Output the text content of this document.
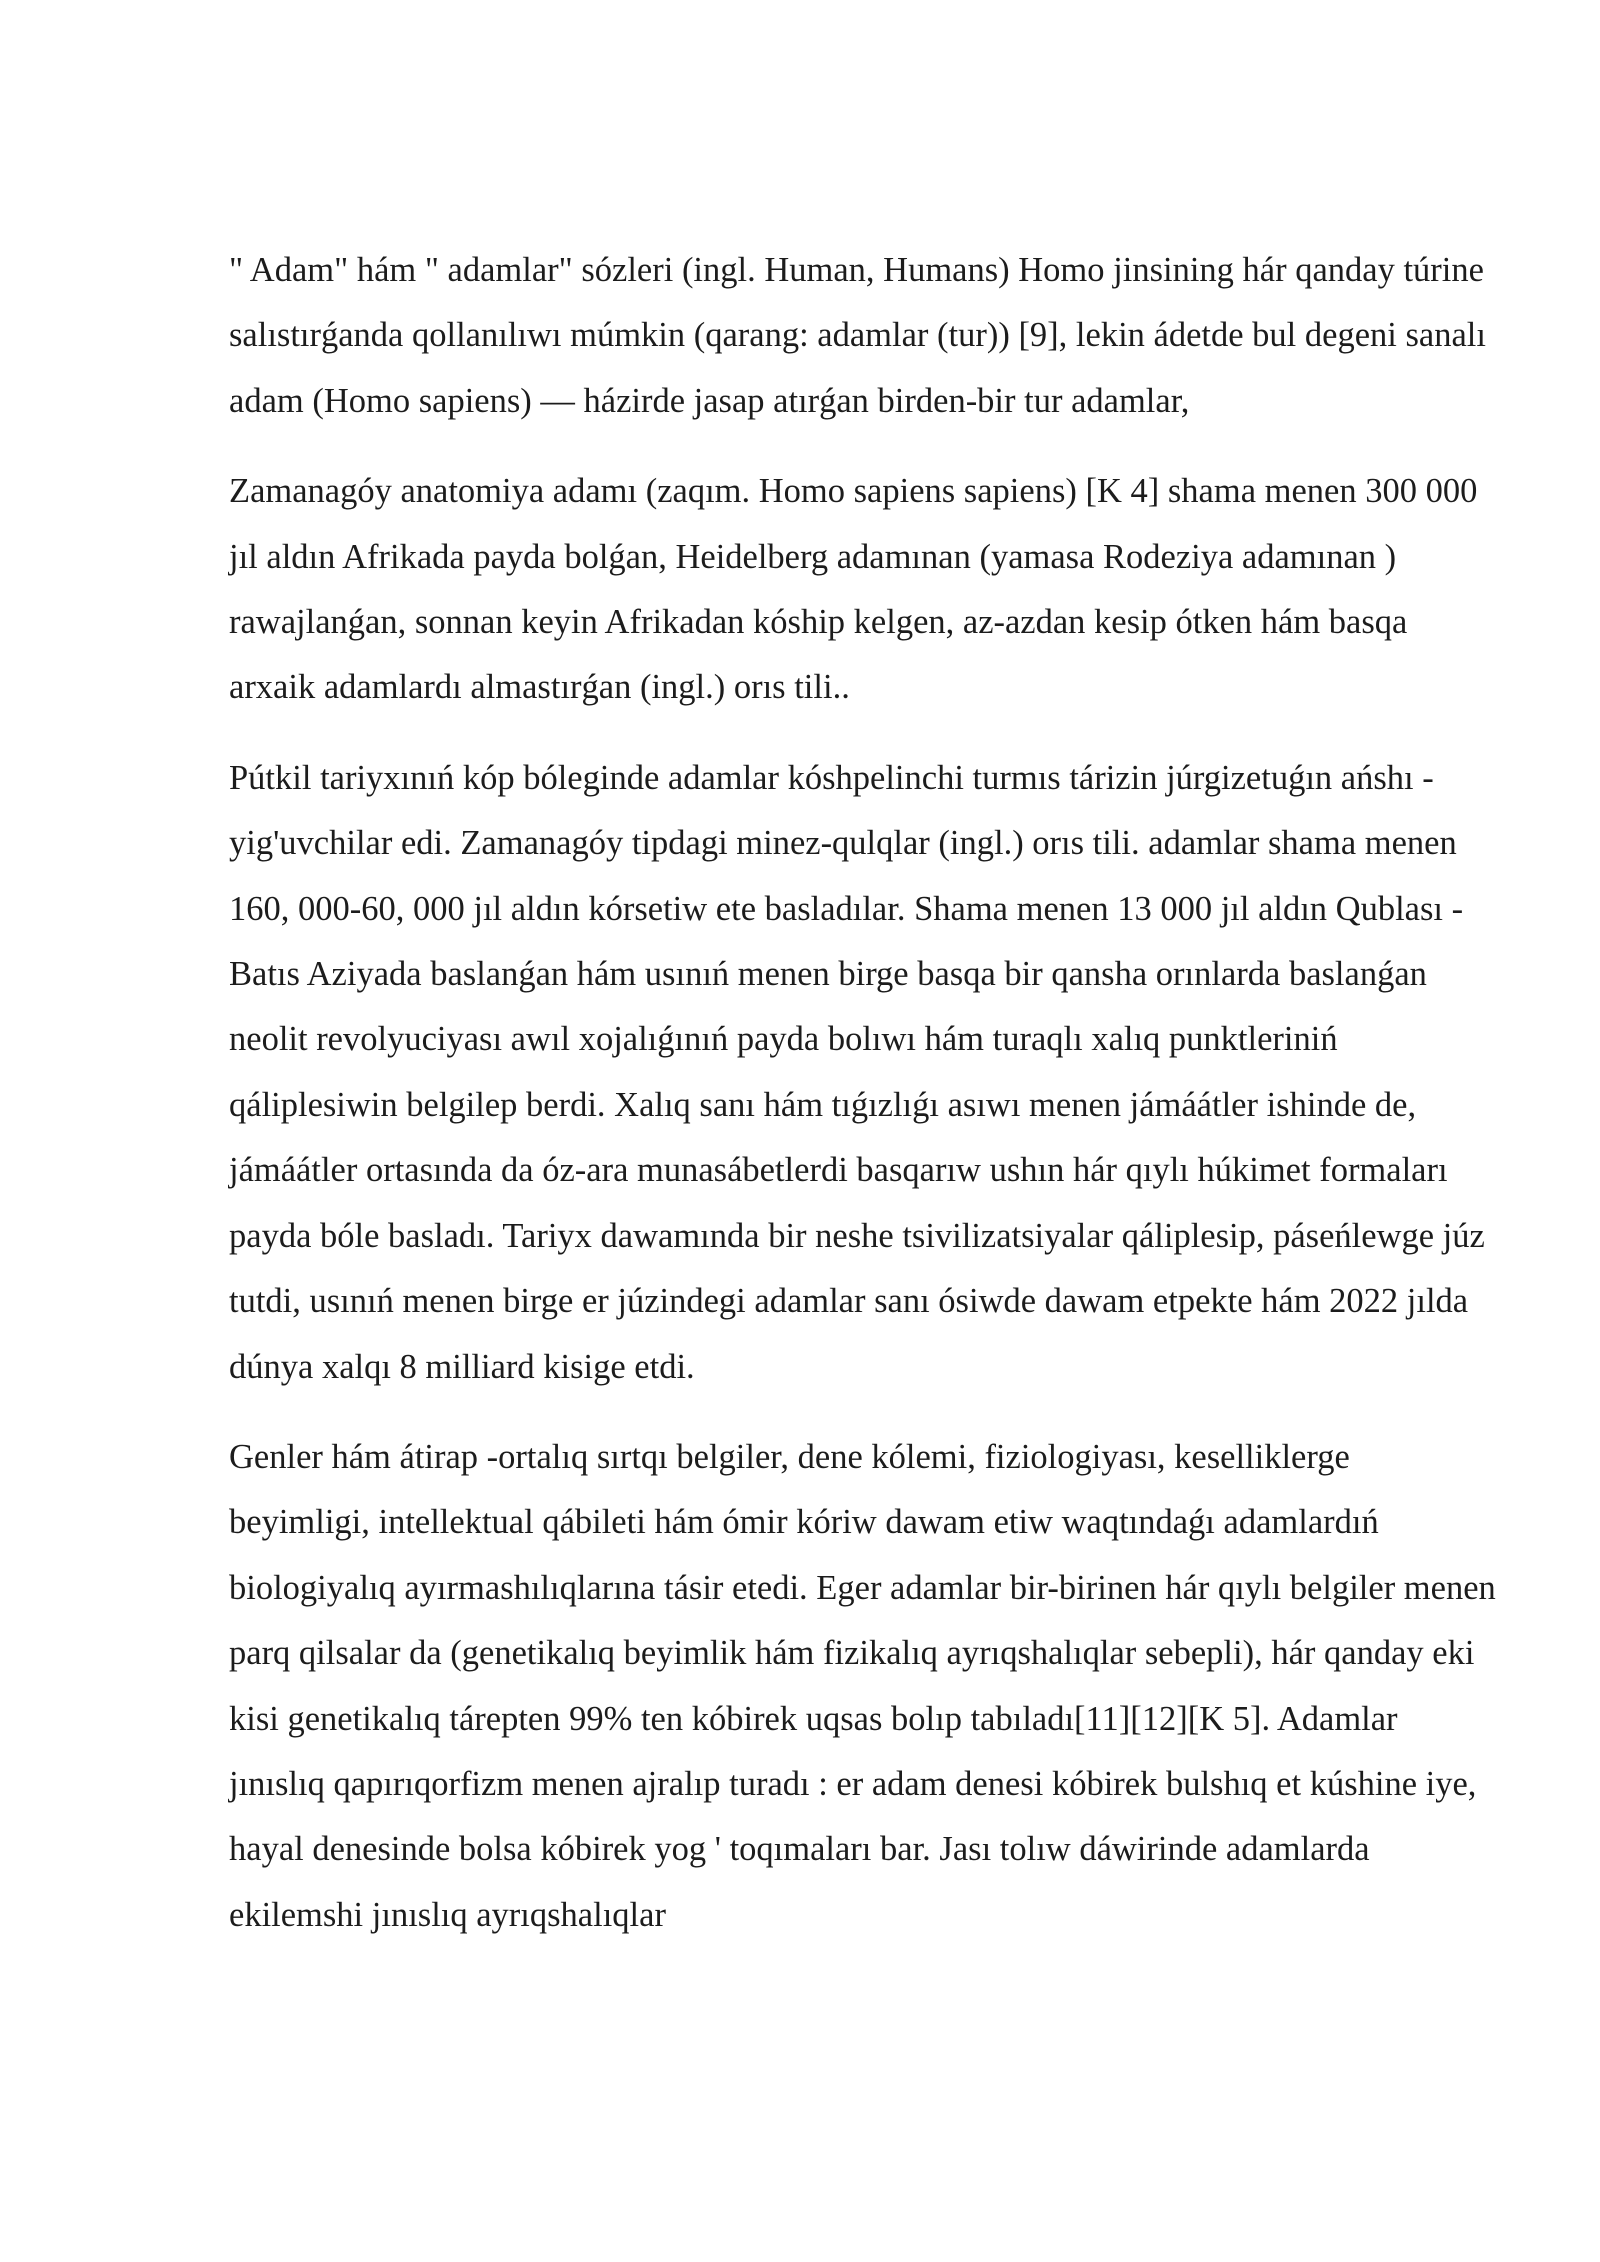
" Adam" hám " adamlar" sózleri (ingl. Human, Humans) Homo jinsining hár qanday túrine salıstırǵanda qollanılıwı múmkin (qarang: adamlar (tur)) [9], lekin ádetde bul degeni sanalı adam (Homo sapiens) — házirde jasap atırǵan birden-bir tur adamlar,

Zamanagóy anatomiya adamı (zaqım. Homo sapiens sapiens) [K 4] shama menen 300 000 jıl aldın Afrikada payda bolǵan, Heidelberg adamınan (yamasa Rodeziya adamınan ) rawajlanǵan, sonnan keyin Afrikadan kóship kelgen, az-azdan kesip ótken hám basqa arxaik adamlardı almastırǵan (ingl.) orıs tili..

Pútkil tariyxınıń kóp bóleginde adamlar kóshpelinchi turmıs tárizin júrgizetuǵın ańshı -yig'uvchilar edi. Zamanagóy tipdagi minez-qulqlar (ingl.) orıs tili. adamlar shama menen 160, 000-60, 000 jıl aldın kórsetiw ete basladılar. Shama menen 13 000 jıl aldın Qublası -Batıs Aziyada baslanǵan hám usınıń menen birge basqa bir qansha orınlarda baslanǵan neolit revolyuciyası awıl xojalıǵınıń payda bolıwı hám turaqlı xalıq punktleriniń qáliplesiwin belgilep berdi. Xalıq sanı hám tıǵızlıǵı asıwı menen jámáátler ishinde de, jámáátler ortasında da óz-ara munasábetlerdi basqarıw ushın hár qıylı húkimet formaları payda bóle basladı. Tariyx dawamında bir neshe tsivilizatsiyalar qáliplesip, páseńlewge júz tutdi, usınıń menen birge er júzindegi adamlar sanı ósiwde dawam etpekte hám 2022 jılda dúnya xalqı 8 milliard kisige etdi.

Genler hám átirap -ortalıq sırtqı belgiler, dene kólemi, fiziologiyası, keselliklerge beyimligi, intellektual qábileti hám ómir kóriw dawam etiw waqtındaǵı adamlardıń biologiyalıq ayırmashılıqlarına tásir etedi. Eger adamlar bir-birinen hár qıylı belgiler menen parq qilsalar da (genetikalıq beyimlik hám fizikalıq ayrıqshalıqlar sebepli), hár qanday eki kisi genetikalıq tárepten 99% ten kóbirek uqsas bolıp tabıladı[11][12][K 5]. Adamlar jınıslıq qapırıqorfizm menen ajralıp turadı : er adam denesi kóbirek bulshıq et kúshine iye, hayal denesinde bolsa kóbirek yog ' toqımaları bar. Jası tolıw dáwirinde adamlarda ekilemshi jınıslıq ayrıqshalıqlar
